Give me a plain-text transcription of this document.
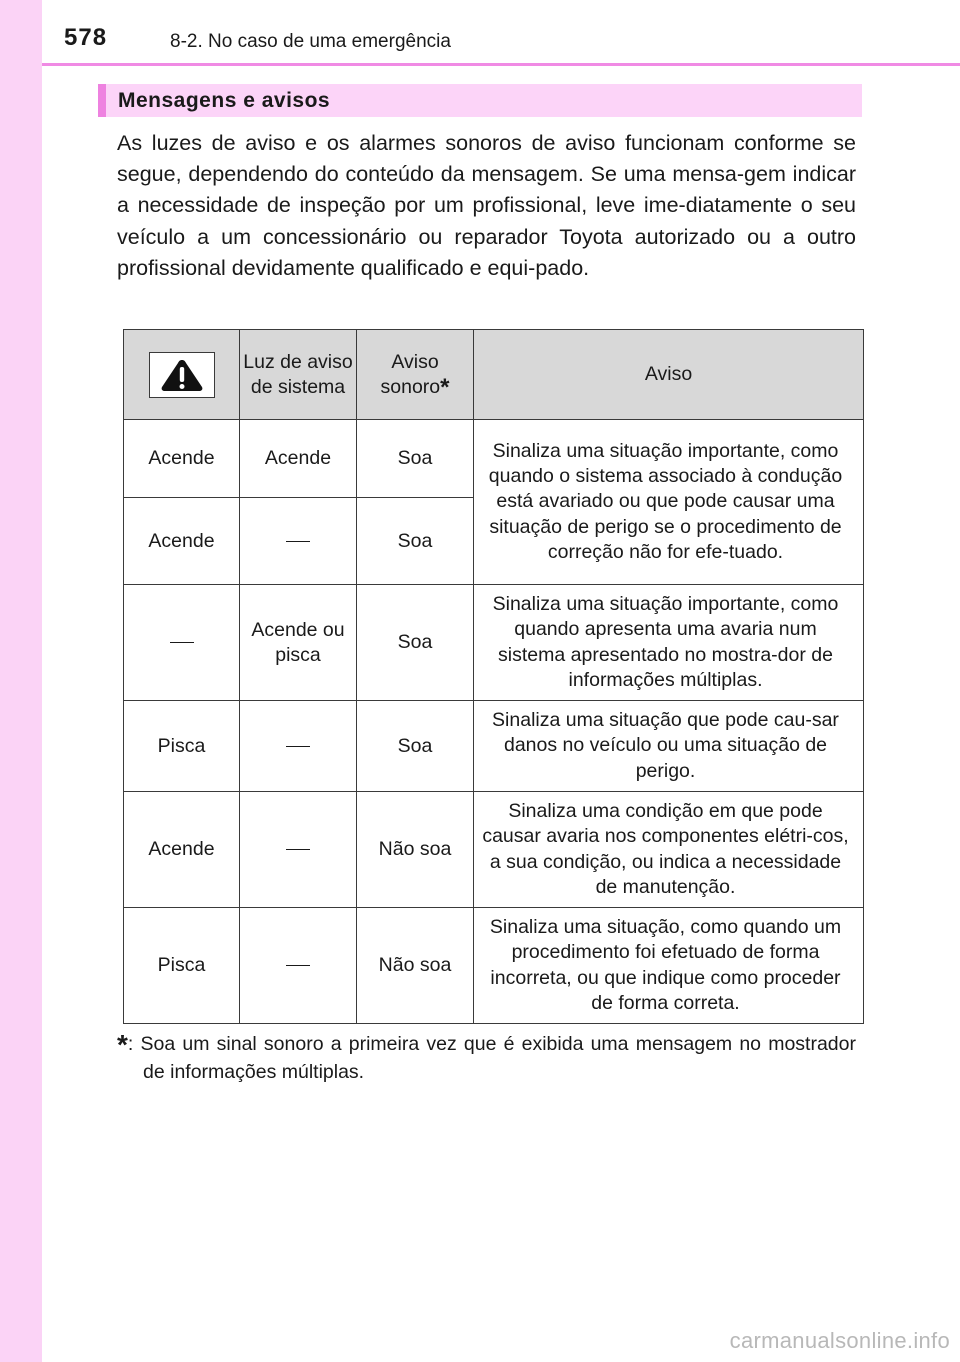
578	8-2. No caso de uma emergência
Mensagens e avisos

As luzes de aviso e os alarmes sonoros de aviso funcionam conforme se segue, dependendo do conteúdo da mensagem. Se uma mensa-gem indicar a necessidade de inspeção por um profissional, leve ime-diatamente o seu veículo a um concessionário ou reparador Toyota autorizado ou a outro profissional devidamente qualificado e equi-pado.

	Luz de aviso de sistema	Aviso sonoro*	Aviso
Acende	Acende	Soa	Sinaliza uma situação importante, como quando o sistema associado à condução está avariado ou que pode causar uma situação de perigo se o procedimento de correção não for efe-tuado.
Acende		Soa	
	Acende ou pisca	Soa	Sinaliza uma situação importante, como quando apresenta uma avaria num sistema apresentado no mostra-dor de informações múltiplas.
Pisca		Soa	Sinaliza uma situação que pode cau-sar danos no veículo ou uma situação de perigo.
Acende		Não soa	Sinaliza uma condição em que pode causar avaria nos componentes elétri-cos, a sua condição, ou indica a necessidade de manutenção.
Pisca		Não soa	Sinaliza uma situação, como quando um procedimento foi efetuado de forma incorreta, ou que indique como proceder de forma correta.

*: Soa um sinal sonoro a primeira vez que é exibida uma mensagem no mostrador de informações múltiplas.

carmanualsonline.info
